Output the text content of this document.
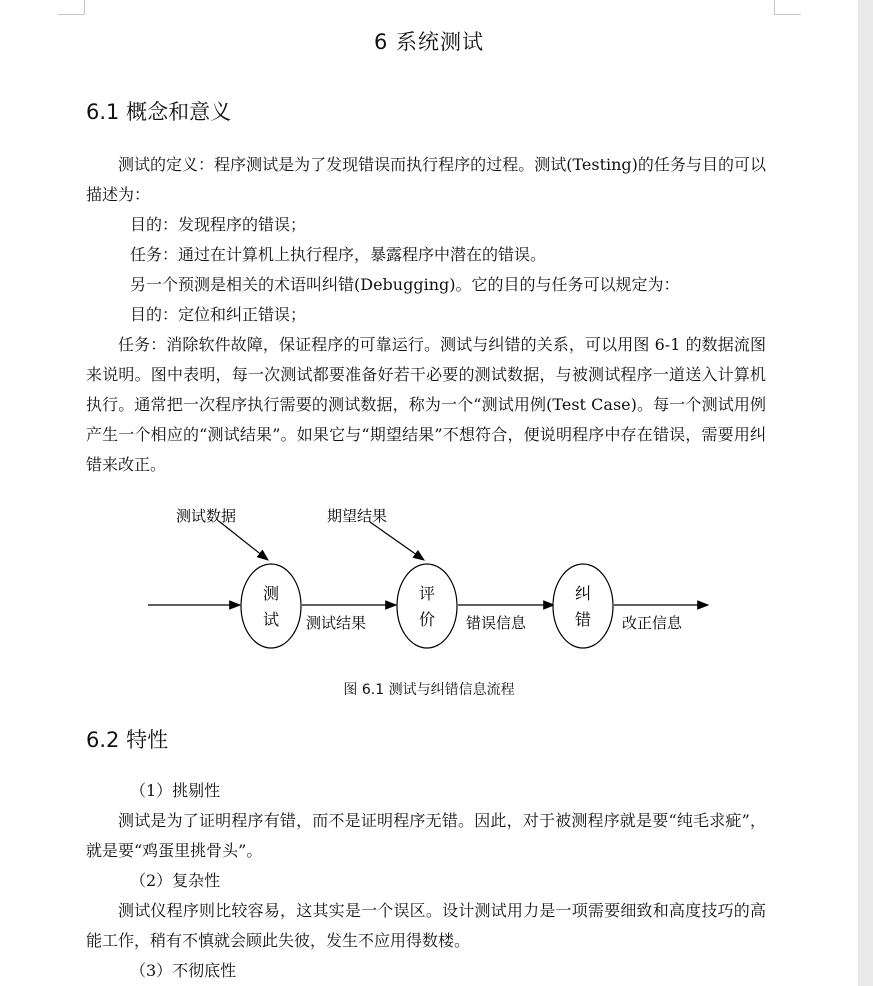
6 系统测试
6.1 概念和意义

测试的定义：程序测试是为了发现错误而执行程序的过程。测试(Testing)的任务与目的可以描述为：

目的：发现程序的错误；
任务：通过在计算机上执行程序，暴露程序中潜在的错误。
另一个预测是相关的术语叫纠错(Debugging)。它的目的与任务可以规定为：
目的：定位和纠正错误；

任务：消除软件故障，保证程序的可靠运行。测试与纠错的关系，可以用图 6-1 的数据流图来说明。图中表明，每一次测试都要准备好若干必要的测试数据，与被测试程序一道送入计算机执行。通常把一次程序执行需要的测试数据，称为一个“测试用例(Test Case)。每一个测试用例产生一个相应的“测试结果”。如果它与“期望结果”不想符合，便说明程序中存在错误，需要用纠错来改正。

测试数据	期望结果
测
试
评
价
纠
错
测试结果	错误信息	改正信息
图 6.1 测试与纠错信息流程
6.2 特性
（1）挑剔性

测试是为了证明程序有错，而不是证明程序无错。因此，对于被测程序就是要“纯毛求疵”，就是要“鸡蛋里挑骨头”。

（2）复杂性

测试仪程序则比较容易，这其实是一个误区。设计测试用力是一项需要细致和高度技巧的高能工作，稍有不慎就会顾此失彼，发生不应用得数楼。

（3）不彻底性
